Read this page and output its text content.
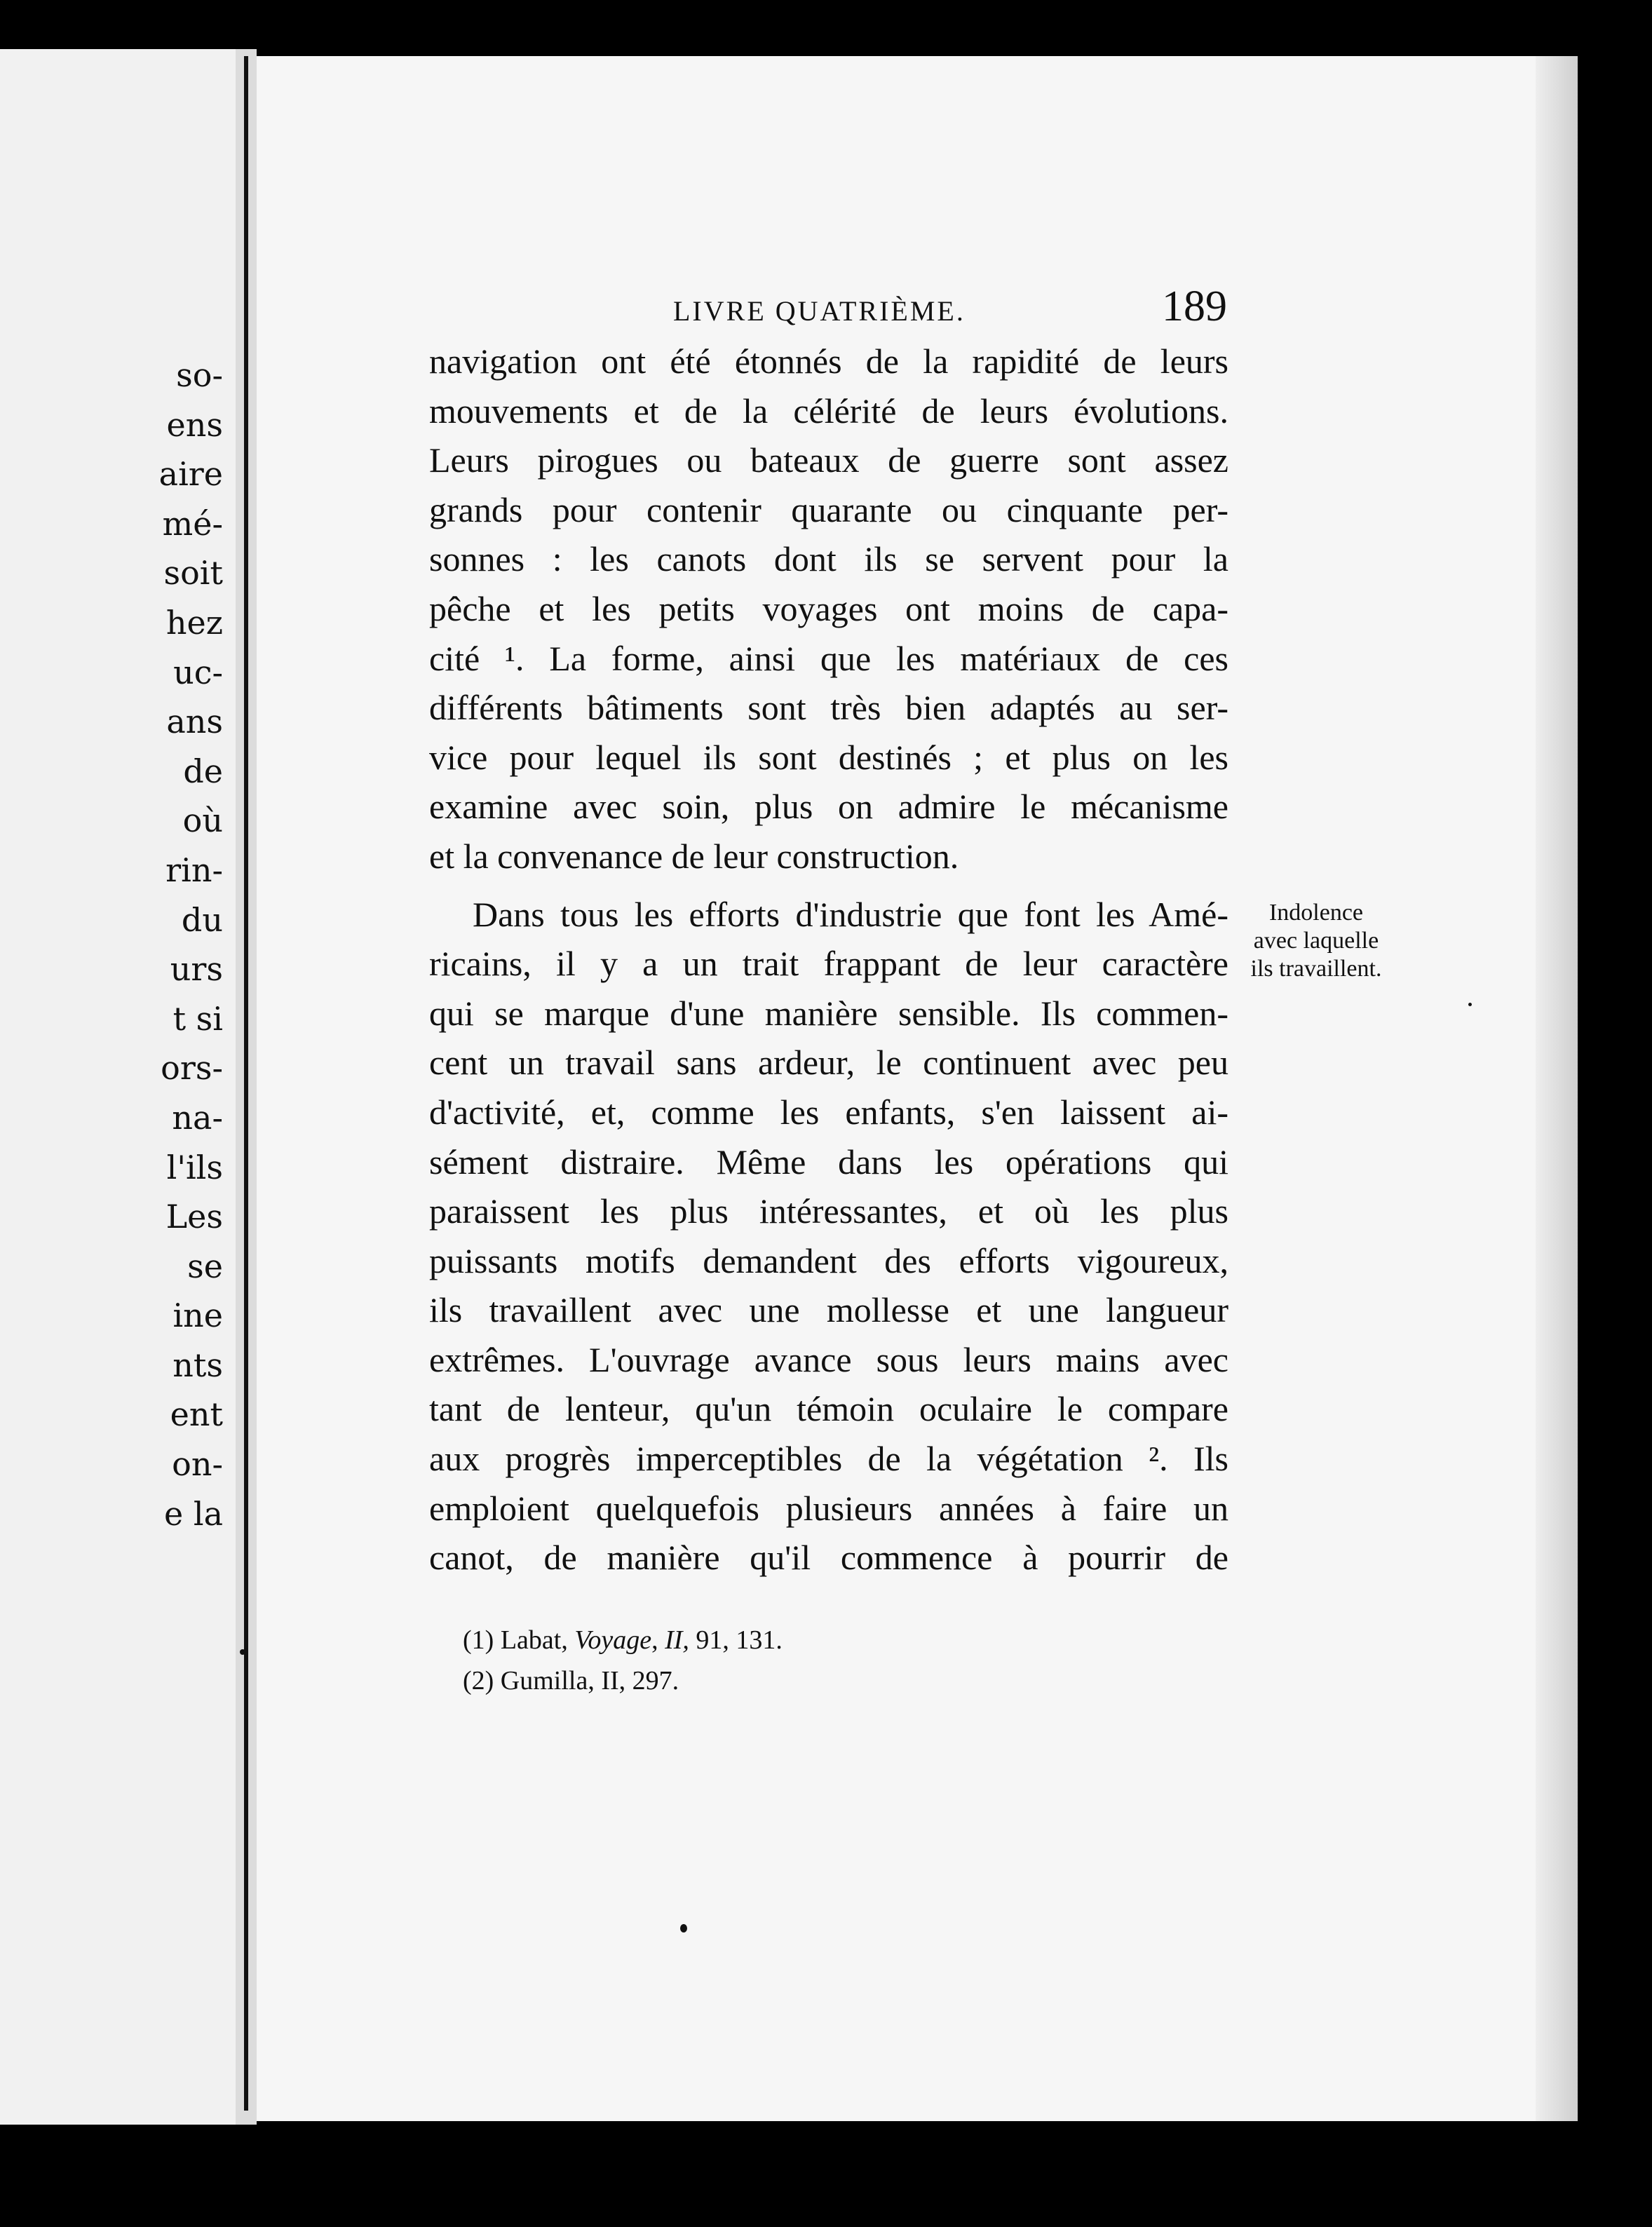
so-
ens
aire
mé-
soit
hez
uc-
ans
de
où
rin-
du
urs
t si
ors-
na-
l'ils
Les
se
ine
nts
ent
on-
e la
LIVRE QUATRIÈME.	189
navigation ont été étonnés de la rapidité de leurs
mouvements et de la célérité de leurs évolutions.
Leurs pirogues ou bateaux de guerre sont assez
grands pour contenir quarante ou cinquante per-
sonnes : les canots dont ils se servent pour la
pêche et les petits voyages ont moins de capa-
cité ¹. La forme, ainsi que les matériaux de ces
différents bâtiments sont très bien adaptés au ser-
vice pour lequel ils sont destinés ; et plus on les
examine avec soin, plus on admire le mécanisme
et la convenance de leur construction.
Dans tous les efforts d'industrie que font les Amé-
ricains, il y a un trait frappant de leur caractère
qui se marque d'une manière sensible. Ils commen-
cent un travail sans ardeur, le continuent avec peu
d'activité, et, comme les enfants, s'en laissent ai-
sément distraire. Même dans les opérations qui
paraissent les plus intéressantes, et où les plus
puissants motifs demandent des efforts vigoureux,
ils travaillent avec une mollesse et une langueur
extrêmes. L'ouvrage avance sous leurs mains avec
tant de lenteur, qu'un témoin oculaire le compare
aux progrès imperceptibles de la végétation ². Ils
emploient quelquefois plusieurs années à faire un
canot, de manière qu'il commence à pourrir de
Indolence
avec laquelle
ils travaillent.
(1) Labat, Voyage, II, 91, 131.
(2) Gumilla, II, 297.
